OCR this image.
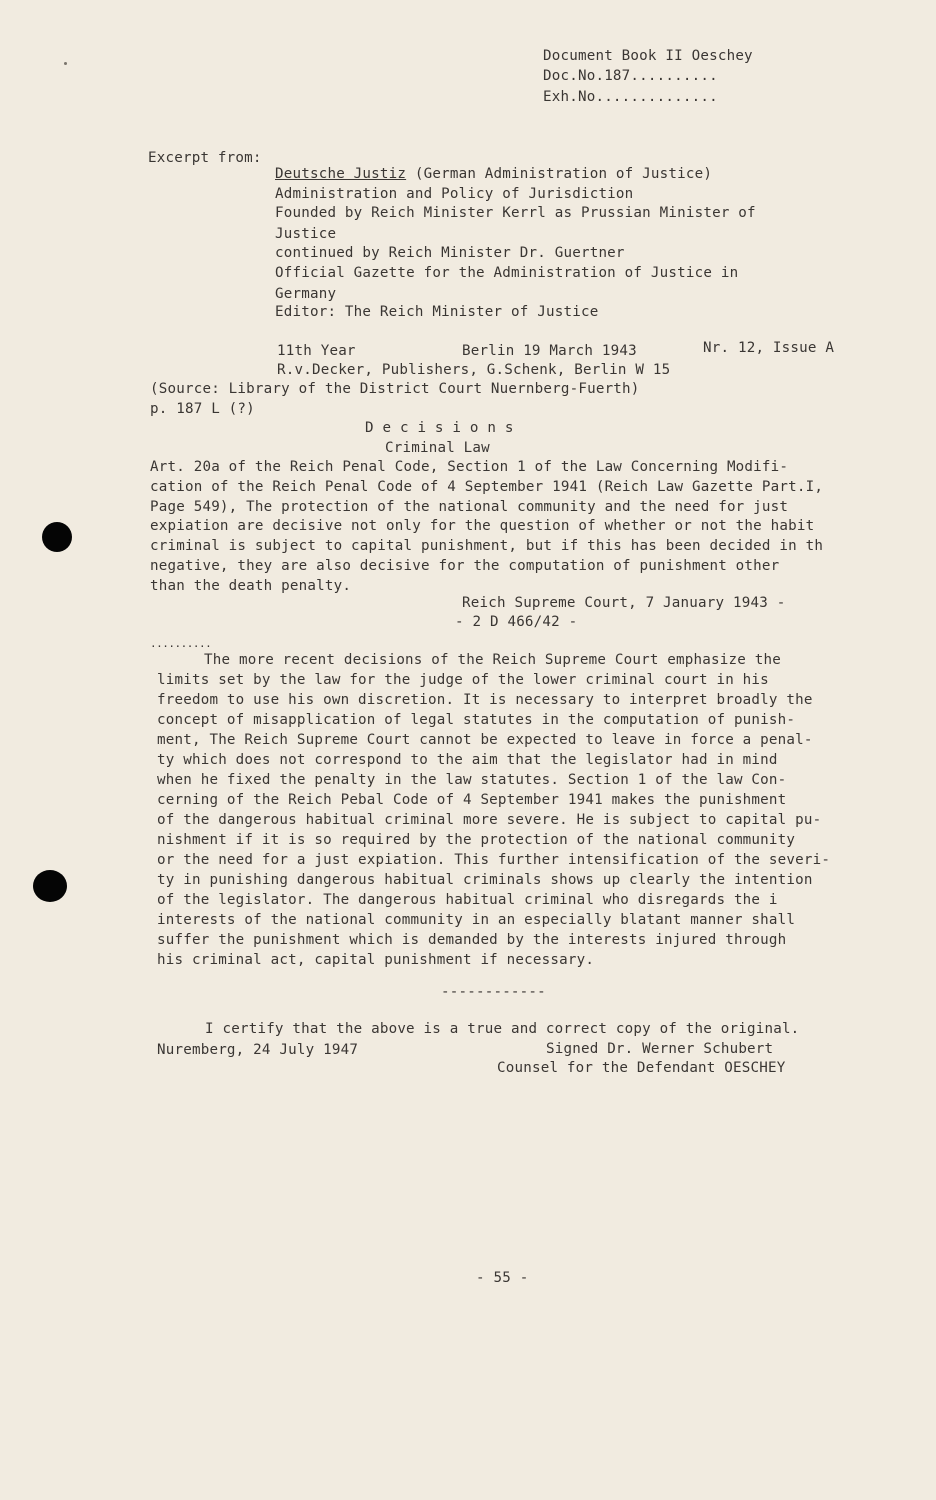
Document Book II Oeschey
Doc.No.187..........
Exh.No..............
Excerpt from:
Deutsche Justiz (German Administration of Justice)
Administration and Policy of Jurisdiction
Founded by Reich Minister Kerrl as Prussian Minister of
Justice
continued by Reich Minister Dr. Guertner
Official Gazette for the Administration of Justice in
Germany
Editor: The Reich Minister of Justice
11th Year	Berlin 19 March 1943	Nr. 12, Issue A
R.v.Decker, Publishers, G.Schenk, Berlin W 15
(Source: Library of the District Court Nuernberg-Fuerth)
p. 187 L (?)
D e c i s i o n s
Criminal Law
Art. 20a of the Reich Penal Code, Section 1 of the Law Concerning Modifi-
cation of the Reich Penal Code of 4 September 1941 (Reich Law Gazette Part.I,
Page 549), The protection of the national community and the need for just
expiation are decisive not only for the question of whether or not the habit
criminal is subject to capital punishment, but if this has been decided in th
negative, they are also decisive for the computation of punishment other
than the death penalty.
Reich Supreme Court, 7 January 1943 -
- 2 D 466/42 -
..........
The more recent decisions of the Reich Supreme Court emphasize the
limits set by the law for the judge of the lower criminal court in his
freedom to use his own discretion. It is necessary to interpret broadly the
concept of misapplication of legal statutes in the computation of punish-
ment, The Reich Supreme Court cannot be expected to leave in force a penal-
ty which does not correspond to the aim that the legislator had in mind
when he fixed the penalty in the law statutes. Section 1 of the law Con-
cerning of the Reich Pebal Code of 4 September 1941 makes the punishment
of the dangerous habitual criminal more severe. He is subject to capital pu-
nishment if it is so required by the protection of the national community
or the need for a just expiation. This further intensification of the severi-
ty in punishing dangerous habitual criminals shows up clearly the intention
of the legislator. The dangerous habitual criminal who disregards the i
interests of the national community in an especially blatant manner shall
suffer the punishment which is demanded by the interests injured through
his criminal act, capital punishment if necessary.
------------
I certify that the above is a true and correct copy of the original.
Nuremberg, 24 July 1947	Signed Dr. Werner Schubert
Counsel for the Defendant OESCHEY
- 55 -
